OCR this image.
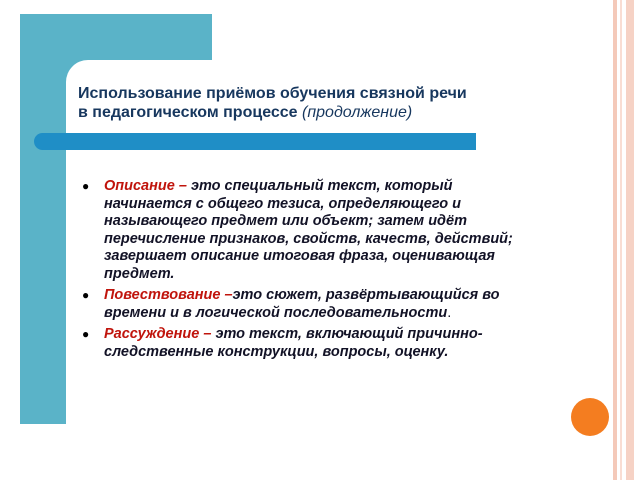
Использование приёмов обучения связной речи
в педагогическом процессе (продолжение)
●	Описание – это специальный текст, который начинается с общего тезиса, определяющего и называющего предмет или объект; затем идёт перечисление признаков, свойств, качеств, действий; завершает описание итоговая фраза, оценивающая предмет.
●	Повествование –это сюжет, развёртывающийся во времени и в логической последовательности.
●	Рассуждение – это текст, включающий причинно-следственные конструкции, вопросы, оценку.
